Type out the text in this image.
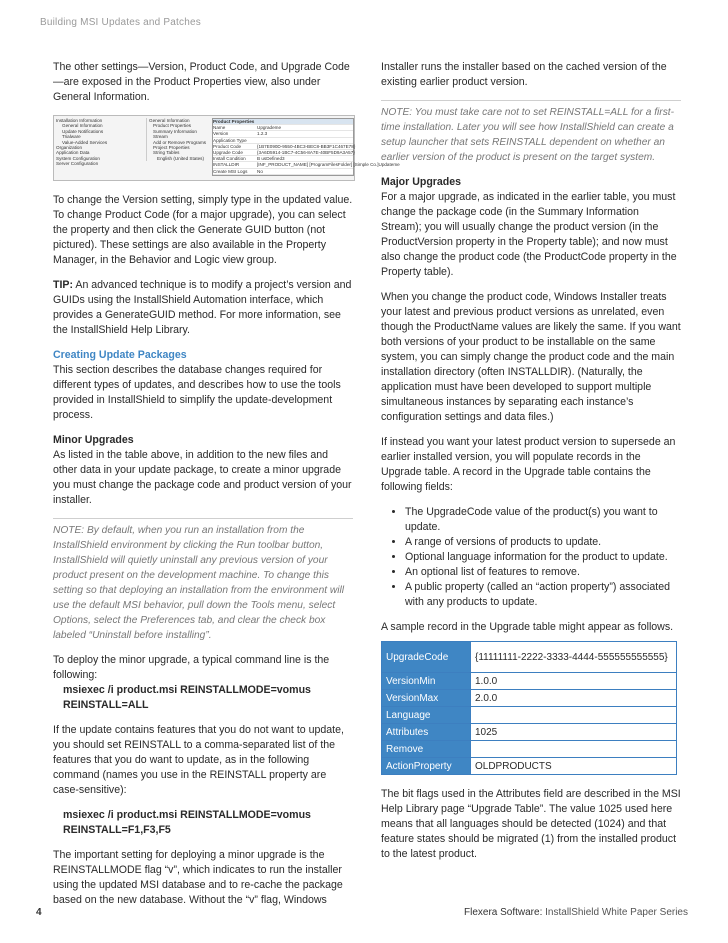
Building MSI Updates and Patches

The other settings—Version, Product Code, and Upgrade Code—are exposed in the Product Properties view, also under General Information.

Installation Information
General Information
Update Notifications
Trialware
Value-Added Services
Organization
Application Data
System Configuration
Server Configuration
General Information
Product Properties
Summary Information Stream
Add or Remove Programs
Project Properties
String Tables
English (United States)
Product Properties
Name	Upgrademe
Version	1.2.3
Application Type
Product Code	{1B7E090D-9550-4BC3-BEC8-BB3F1C467E78}
Upgrade Code	{3A6D5914-1BC7-4C56-8A7E-40BF5D9A3A57}
Install Condition B usDefined3
INSTALLDIR	[INF_PRODUCT_NAME] [ProgramFilesFolder] [Simple Co.]Updateme
Create MSI Logs No

To change the Version setting, simply type in the updated value. To change Product Code (for a major upgrade), you can select the property and then click the Generate GUID button (not pictured). These settings are also available in the Property Manager, in the Behavior and Logic view group.

TIP: An advanced technique is to modify a project’s version and GUIDs using the InstallShield Automation interface, which provides a GenerateGUID method. For more information, see the InstallShield Help Library.

Creating Update Packages

This section describes the database changes required for different types of updates, and describes how to use the tools provided in InstallShield to simplify the update-development process.

Minor Upgrades

As listed in the table above, in addition to the new files and other data in your update package, to create a minor upgrade you must change the package code and product version of your installer.

NOTE: By default, when you run an installation from the InstallShield environment by clicking the Run toolbar button, InstallShield will quietly uninstall any previous version of your product present on the development machine. To change this setting so that deploying an installation from the environment will use the default MSI behavior, pull down the Tools menu, select Options, select the Preferences tab, and clear the check box labeled “Uninstall before installing”.

To deploy the minor upgrade, a typical command line is the following:

msiexec /i product.msi REINSTALLMODE=vomus
REINSTALL=ALL

If the update contains features that you do not want to update, you should set REINSTALL to a comma-separated list of the features that you do want to update, as in the following command (names you use in the REINSTALL property are case-sensitive):

msiexec /i product.msi REINSTALLMODE=vomus
REINSTALL=F1,F3,F5

The important setting for deploying a minor upgrade is the REINSTALLMODE flag “v”, which indicates to run the installer using the updated MSI database and to re-cache the package based on the new database. Without the “v” flag, Windows

Installer runs the installer based on the cached version of the existing earlier product version.

NOTE: You must take care not to set REINSTALL=ALL for a first-time installation. Later you will see how InstallShield can create a setup launcher that sets REINSTALL dependent on whether an earlier version of the product is present on the target system.

Major Upgrades

For a major upgrade, as indicated in the earlier table, you must change the package code (in the Summary Information Stream); you will usually change the product version (in the ProductVersion property in the Property table); and now must also change the product code (the ProductCode property in the Property table).

When you change the product code, Windows Installer treats your latest and previous product versions as unrelated, even though the ProductName values are likely the same. If you want both versions of your product to be installable on the same system, you can simply change the product code and the main installation directory (often INSTALLDIR). (Naturally, the application must have been developed to support multiple simultaneous instances by separating each instance’s configuration settings and data files.)

If instead you want your latest product version to supersede an earlier installed version, you will populate records in the Upgrade table. A record in the Upgrade table contains the following fields:

• The UpgradeCode value of the product(s) you want to update.
• A range of versions of products to update.
• Optional language information for the product to update.
• An optional list of features to remove.
• A public property (called an “action property”) associated with any products to update.

A sample record in the Upgrade table might appear as follows.

UpgradeCode	{11111111-2222-3333-4444-555555555555}
VersionMin	1.0.0
VersionMax	2.0.0
Language	
Attributes	1025
Remove	
ActionProperty	OLDPRODUCTS

The bit flags used in the Attributes field are described in the MSI Help Library page “Upgrade Table”. The value 1025 used here means that all languages should be detected (1024) and that feature states should be migrated (1) from the installed product to the latest product.

4	Flexera Software: InstallShield White Paper Series
